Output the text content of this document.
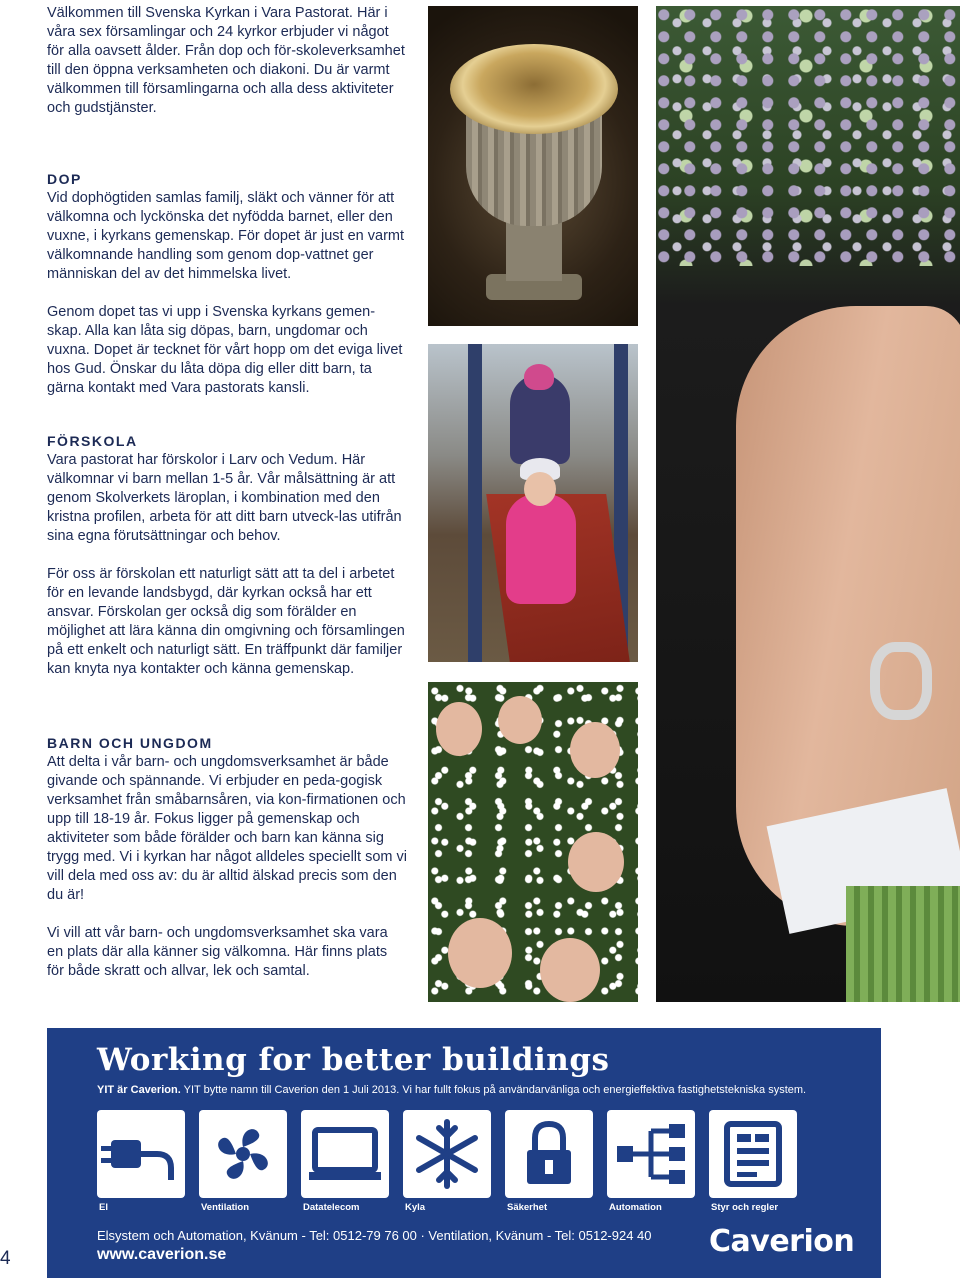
Välkommen till Svenska Kyrkan i Vara Pastorat. Här i våra sex församlingar och 24 kyrkor erbjuder vi något för alla oavsett ålder. Från dop och för-skoleverksamhet till den öppna verksamheten och diakoni. Du är varmt välkommen till församlingarna och alla dess aktiviteter och gudstjänster.

DOP

Vid dophögtiden samlas familj, släkt och vänner för att välkomna och lyckönska det nyfödda barnet, eller den vuxne, i kyrkans gemenskap. För dopet är just en varmt välkomnande handling som genom dop-vattnet ger människan del av det himmelska livet.

Genom dopet tas vi upp i Svenska kyrkans gemen-skap. Alla kan låta sig döpas, barn, ungdomar och vuxna. Dopet är tecknet för vårt hopp om det eviga livet hos Gud. Önskar du låta döpa dig eller ditt barn, ta gärna kontakt med Vara pastorats kansli.

FÖRSKOLA

Vara pastorat har förskolor i Larv och Vedum. Här välkomnar vi barn mellan 1-5 år. Vår målsättning är att genom Skolverkets läroplan, i kombination med den kristna profilen, arbeta för att ditt barn utveck-las utifrån sina egna förutsättningar och behov.

För oss är förskolan ett naturligt sätt att ta del i arbetet för en levande landsbygd, där kyrkan också har ett ansvar. Förskolan ger också dig som förälder en möjlighet att lära känna din omgivning och församlingen på ett enkelt och naturligt sätt. En träffpunkt där familjer kan knyta nya kontakter och känna gemenskap.

BARN OCH UNGDOM

Att delta i vår barn- och ungdomsverksamhet är både givande och spännande. Vi erbjuder en peda-gogisk verksamhet från småbarnsåren, via kon-firmationen och upp till 18-19 år. Fokus ligger på gemenskap och aktiviteter som både förälder och barn kan känna sig trygg med. Vi i kyrkan har något alldeles speciellt som vi vill dela med oss av: du är alltid älskad precis som den du är!

Vi vill att vår barn- och ungdomsverksamhet ska vara en plats där alla känner sig välkomna. Här finns plats för både skratt och allvar, lek och samtal.

Working for better buildings
YIT är Caverion. YIT bytte namn till Caverion den 1 Juli 2013. Vi har fullt fokus på användarvänliga och energieffektiva fastighetstekniska system.
El	Ventilation	Datatelecom	Kyla	Säkerhet	Automation	Styr och regler
Elsystem och Automation, Kvänum - Tel: 0512-79 76 00 · Ventilation, Kvänum - Tel: 0512-924 40
www.caverion.se	Caverion
4
